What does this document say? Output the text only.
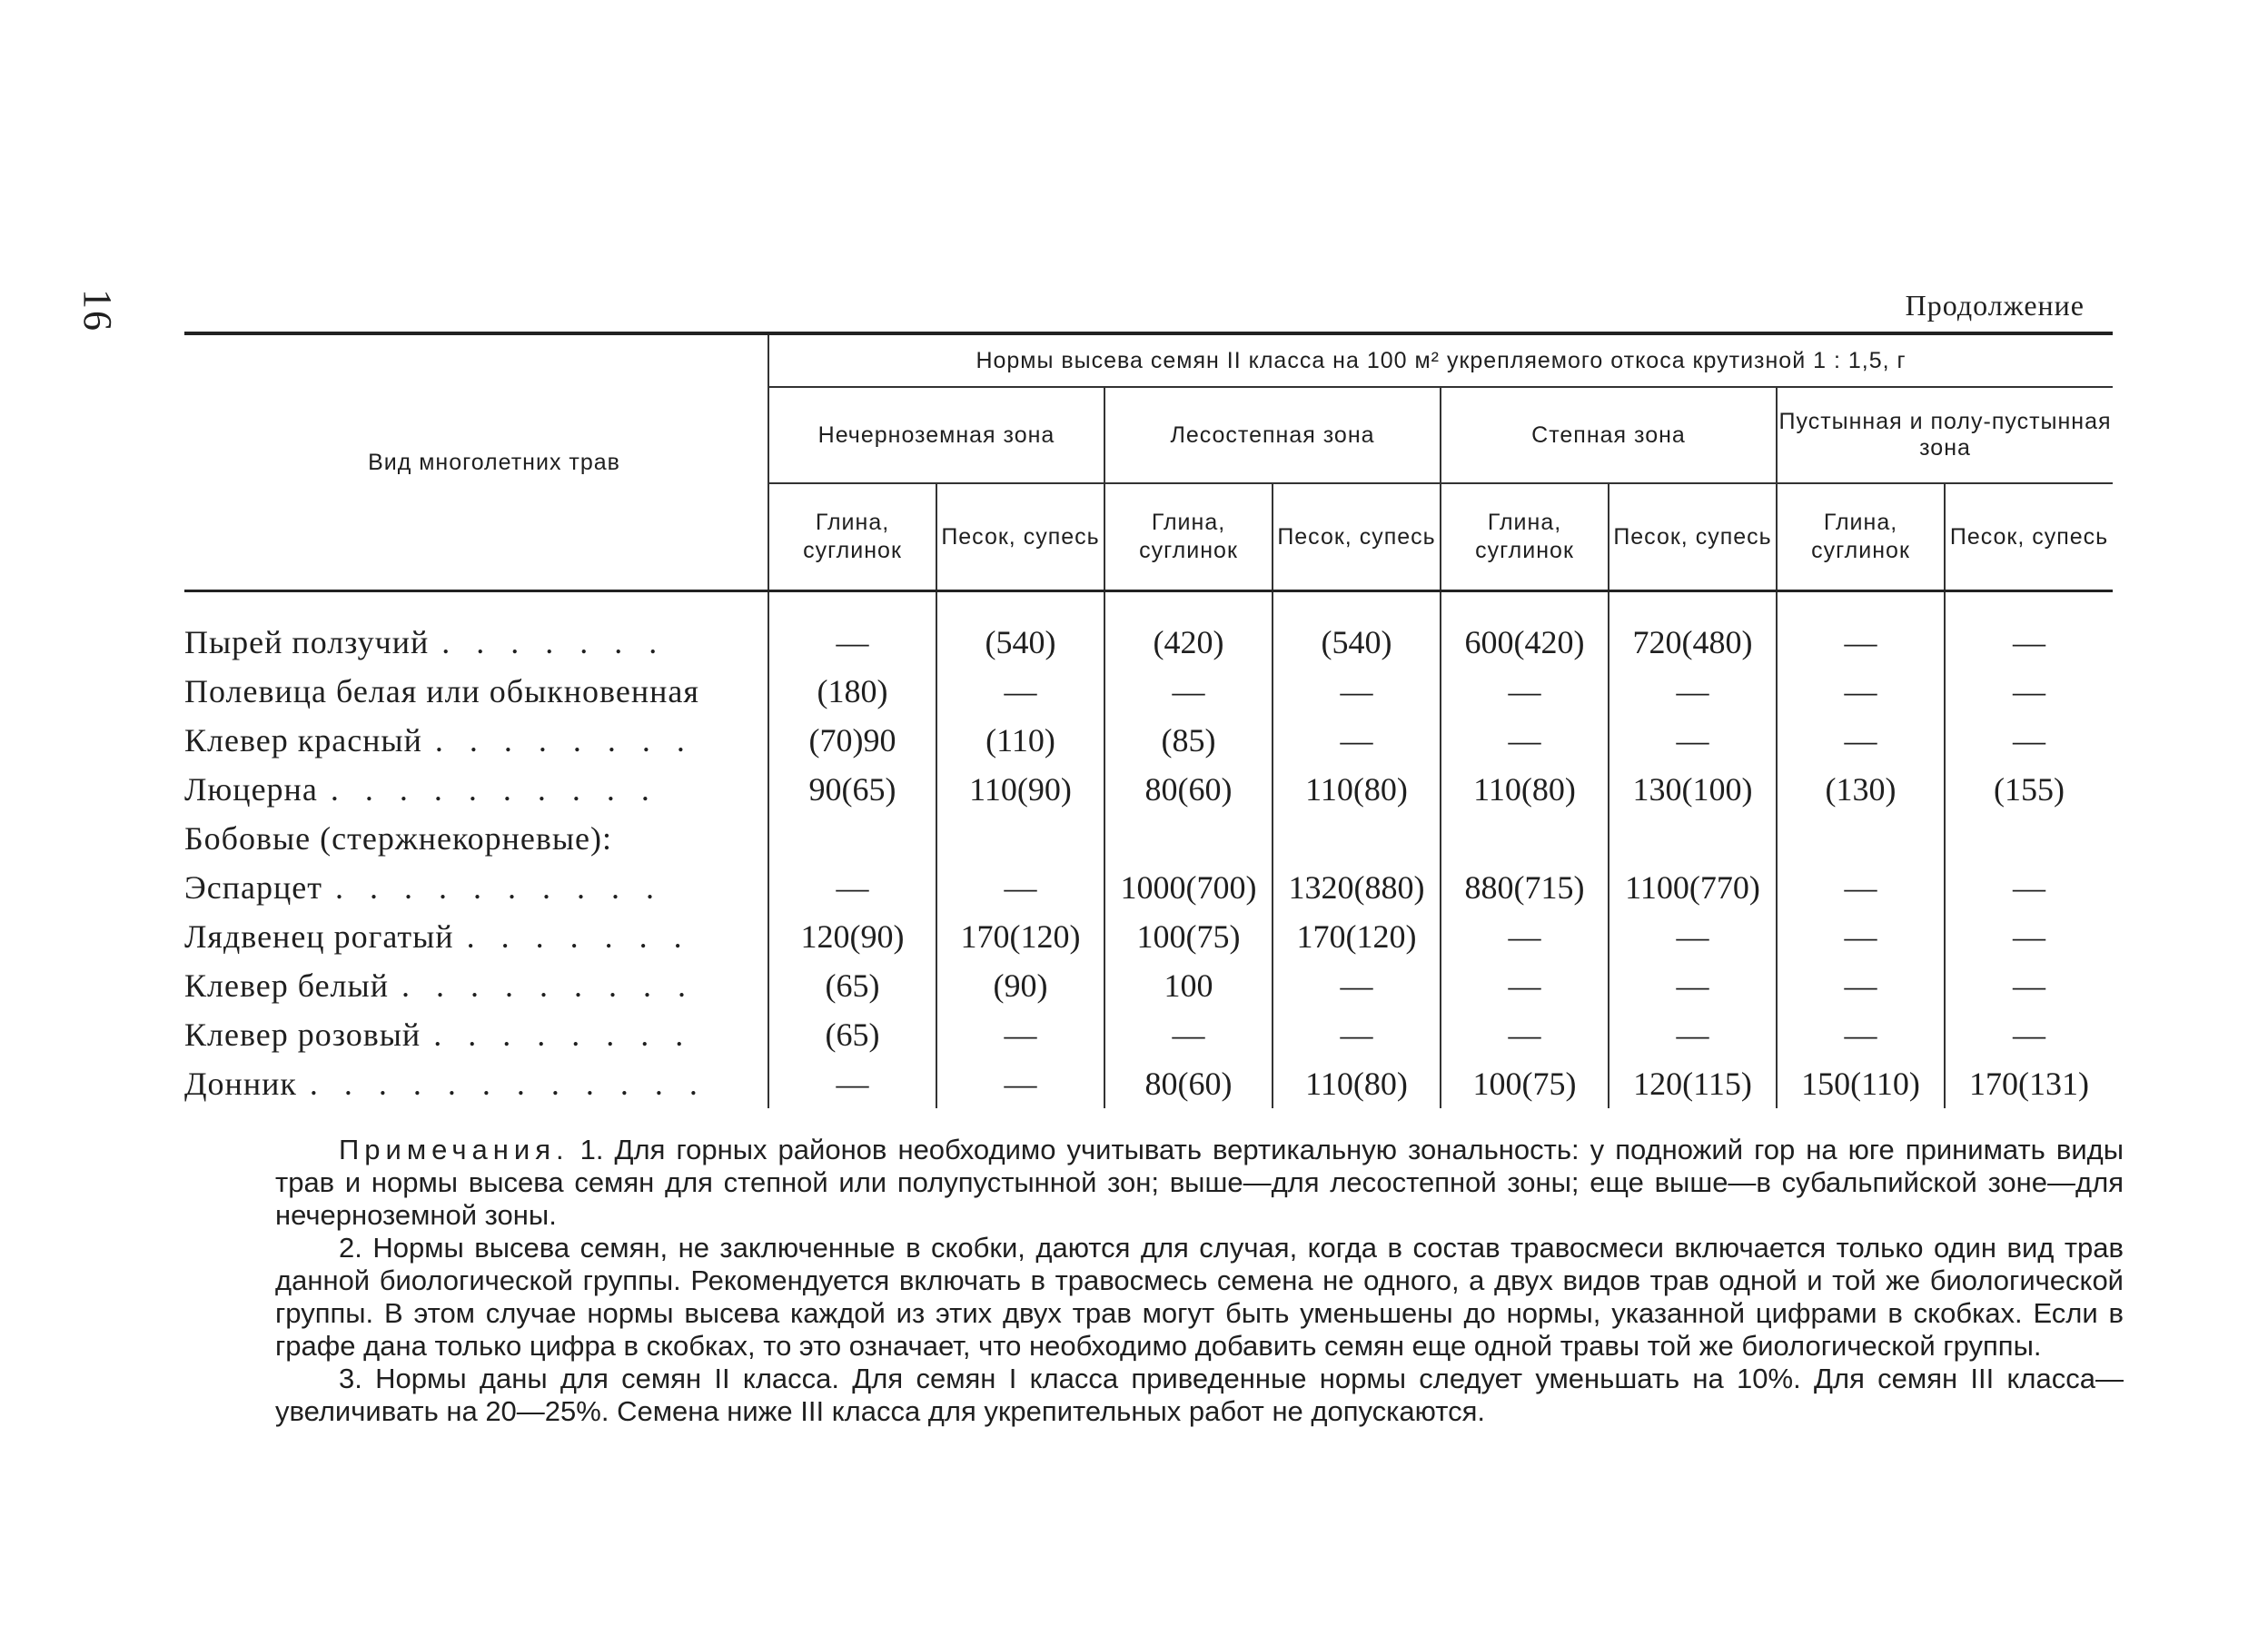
16	Продолжение
Вид многолетних трав	Нормы высева семян II класса на 100 м² укрепляемого откоса крутизной 1 : 1,5, г							
	Нечерноземная зона		Лесостепная зона		Степная зона		Пустынная и полу-пустынная зона	
	Глина, суглинок	Песок, супесь	Глина, суглинок	Песок, супесь	Глина, суглинок	Песок, супесь	Глина, суглинок	Песок, супесь

Пырей ползучий . . . . . . .	—	(540)	(420)	(540)	600(420)	720(480)	—	—
Полевица белая или обыкновенная	(180)	—	—	—	—	—	—	—
Клевер красный . . . . . . . .	(70)90	(110)	(85)	—	—	—	—	—
Люцерна . . . . . . . . . .	90(65)	110(90)	80(60)	110(80)	110(80)	130(100)	(130)	(155)
Бобовые (стержнекорневые):								
Эспарцет . . . . . . . . . .	—	—	1000(700)	1320(880)	880(715)	1100(770)	—	—
Лядвенец рогатый . . . . . . .	120(90)	170(120)	100(75)	170(120)	—	—	—	—
Клевер белый . . . . . . . . .	(65)	(90)	100	—	—	—	—	—
Клевер розовый . . . . . . . .	(65)	—	—	—	—	—	—	—
Донник . . . . . . . . . . . .	—	—	80(60)	110(80)	100(75)	120(115)	150(110)	170(131)

Примечания. 1. Для горных районов необходимо учитывать вертикальную зональность: у подножий гор на юге принимать виды трав и нормы высева семян для степной или полупустынной зон; выше—для лесостепной зоны; еще выше—в субальпийской зоне—для нечерноземной зоны.

2. Нормы высева семян, не заключенные в скобки, даются для случая, когда в состав травосмеси включается только один вид трав данной биологической группы. Рекомендуется включать в травосмесь семена не одного, а двух видов трав одной и той же биологической группы. В этом случае нормы высева каждой из этих двух трав могут быть уменьшены до нормы, указанной цифрами в скобках. Если в графе дана только цифра в скобках, то это означает, что необходимо добавить семян еще одной травы той же биологической группы.

3. Нормы даны для семян II класса. Для семян I класса приведенные нормы следует уменьшать на 10%. Для семян III класса—увеличивать на 20—25%. Семена ниже III класса для укрепительных работ не допускаются.
